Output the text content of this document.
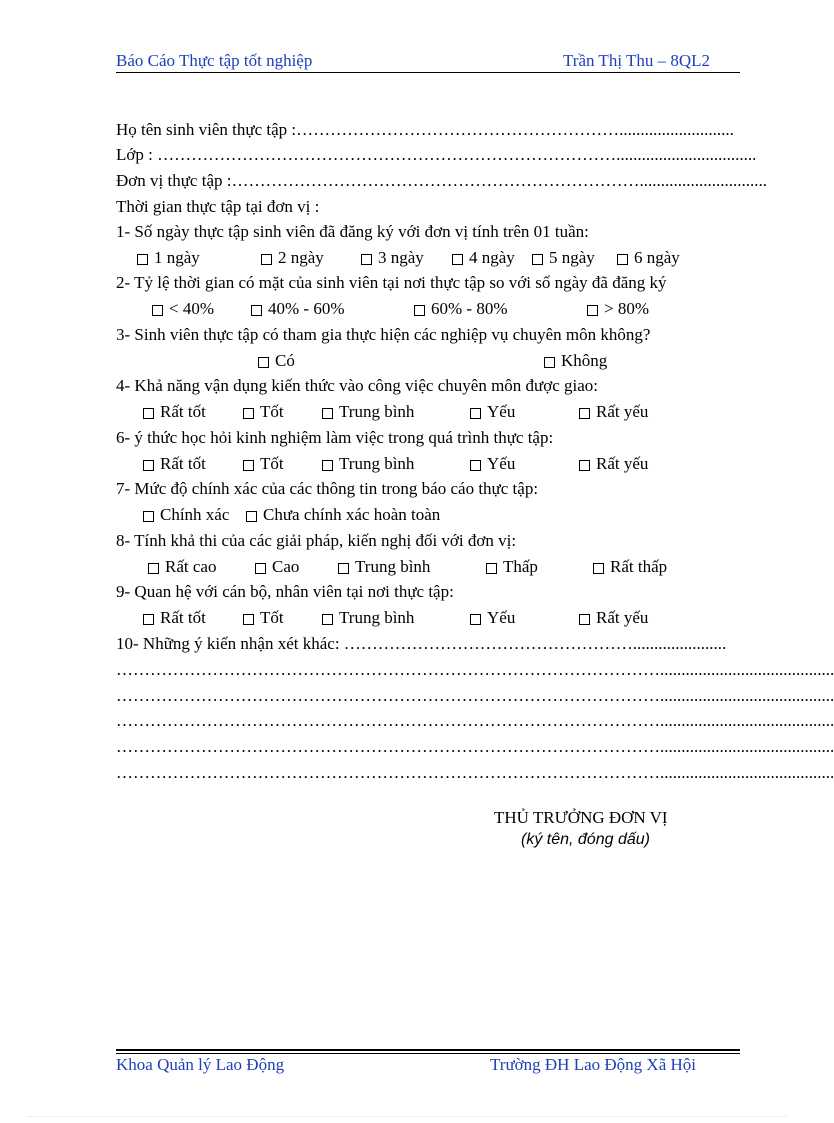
Báo Cáo Thực tập tốt nghiệp	Trần Thị Thu – 8QL2
Họ tên sinh viên thực tập :…………………………………………………...........................
Lớp : ……………………………………………………………………….................................
Đơn vị thực tập :………………………………………………………………..............................
Thời gian thực tập tại đơn vị :
1- Số ngày thực tập sinh viên đã đăng ký với đơn vị tính trên 01 tuần:
1 ngày	2 ngày	3 ngày	4 ngày	5 ngày	6 ngày
2- Tỷ lệ thời gian có mặt của sinh viên tại nơi thực tập so với số ngày đã đăng ký
< 40%	40% - 60%	60% - 80%	> 80%
3- Sinh viên thực tập có tham gia thực hiện các nghiệp vụ chuyên môn không?
Có	Không
4- Khả năng vận dụng kiến thức vào công việc chuyên môn được giao:
Rất tốt	Tốt	Trung bình	Yếu	Rất yếu
6- ý thức học hỏi kinh nghiệm làm việc trong quá trình thực tập:
Rất tốt	Tốt	Trung bình	Yếu	Rất yếu
7- Mức độ chính xác của các thông tin trong báo cáo thực tập:
Chính xác	Chưa chính xác hoàn toàn
8- Tính khả thi của các giải pháp, kiến nghị đối với đơn vị:
Rất cao	Cao	Trung bình	Thấp	Rất thấp
9- Quan hệ với cán bộ, nhân viên tại nơi thực tập:
Rất tốt	Tốt	Trung bình	Yếu	Rất yếu
10- Những ý kiến nhận xét khác: ……………………………………………......................
…………………………………………………………………………………….........................................
…………………………………………………………………………………….........................................
…………………………………………………………………………………….........................................
…………………………………………………………………………………….........................................
…………………………………………………………………………………….........................................
THỦ TRƯỞNG ĐƠN VỊ
(ký tên, đóng dấu)
Khoa Quản lý Lao Động	Trường ĐH Lao Động Xã Hội
